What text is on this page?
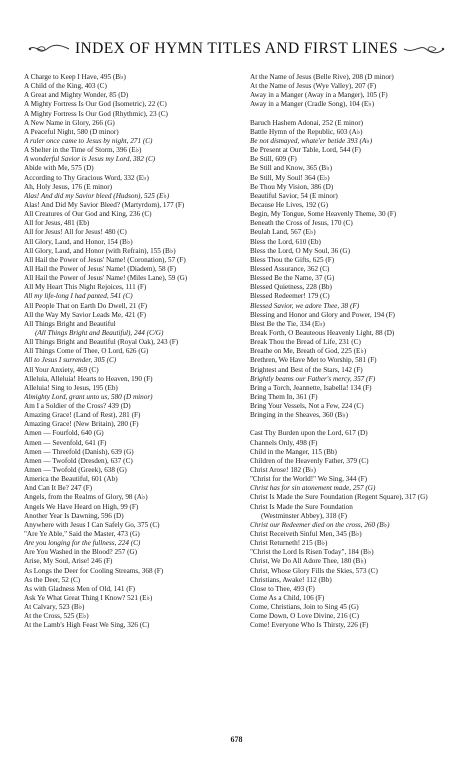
INDEX OF HYMN TITLES AND FIRST LINES
A Charge to Keep I Have, 495 (B♭)
A Child of the King, 403 (C)
A Great and Mighty Wonder, 85 (D)
A Mighty Fortress Is Our God (Isometric), 22 (C)
A Mighty Fortress Is Our God (Rhythmic), 23 (C)
A New Name in Glory, 266 (G)
A Peaceful Night, 580 (D minor)
A ruler once came to Jesus by night, 271 (C)
A Shelter in the Time of Storm, 396 (E♭)
A wonderful Savior is Jesus my Lord, 382 (C)
Abide with Me, 575 (D)
According to Thy Gracious Word, 332 (E♭)
Ah, Holy Jesus, 176 (E minor)
Alas! And did my Savior bleed (Hudson), 525 (E♭)
Alas! And Did My Savior Bleed? (Martyrdom), 177 (F)
All Creatures of Our God and King, 236 (C)
All for Jesus, 481 (Eb)
All for Jesus! All for Jesus! 480 (C)
All Glory, Laud, and Honor, 154 (B♭)
All Glory, Laud, and Honor (with Refrain), 155 (B♭)
All Hail the Power of Jesus' Name! (Coronation), 57 (F)
All Hail the Power of Jesus' Name! (Diadem), 58 (F)
All Hail the Power of Jesus' Name! (Miles Lane), 59 (G)
All My Heart This Night Rejoices, 111 (F)
All my life-long I had panted, 541 (C)
All People That on Earth Do Dwell, 21 (F)
All the Way My Savior Leads Me, 421 (F)
All Things Bright and Beautiful
(All Things Bright and Beautiful), 244 (C/G)
All Things Bright and Beautiful (Royal Oak), 243 (F)
All Things Come of Thee, O Lord, 626 (G)
All to Jesus I surrender, 305 (C)
All Your Anxiety, 469 (C)
Alleluia, Alleluia! Hearts to Heaven, 190 (F)
Alleluia! Sing to Jesus, 195 (Eb)
Almighty Lord, grant unto us, 580 (D minor)
Am I a Soldier of the Cross? 439 (D)
Amazing Grace! (Land of Rest), 281 (F)
Amazing Grace! (New Britain), 280 (F)
Amen — Fourfold, 640 (G)
Amen — Sevenfold, 641 (F)
Amen — Threefold (Danish), 639 (G)
Amen — Twofold (Dresden), 637 (C)
Amen — Twofold (Greek), 638 (G)
America the Beautiful, 601 (Ab)
And Can It Be? 247 (F)
Angels, from the Realms of Glory, 98 (A♭)
Angels We Have Heard on High, 99 (F)
Another Year Is Dawning, 596 (D)
Anywhere with Jesus I Can Safely Go, 375 (C)
"Are Ye Able," Said the Master, 473 (G)
Are you longing for the fullness, 224 (C)
Are You Washed in the Blood? 257 (G)
Arise, My Soul, Arise! 246 (F)
As Longs the Deer for Cooling Streams, 368 (F)
As the Deer, 52 (C)
As with Gladness Men of Old, 141 (F)
Ask Ye What Great Thing I Know? 521 (E♭)
At Calvary, 523 (B♭)
At the Cross, 525 (E♭)
At the Lamb's High Feast We Sing, 326 (C)
At the Name of Jesus (Belle Rive), 208 (D minor)
At the Name of Jesus (Wye Valley), 207 (F)
Away in a Manger (Away in a Manger), 105 (F)
Away in a Manger (Cradle Song), 104 (E♭)
Baruch Hashem Adonai, 252 (E minor)
Battle Hymn of the Republic, 603 (A♭)
Be not dismayed, whate'er betide 393 (A♭)
Be Present at Our Table, Lord, 544 (F)
Be Still, 609 (F)
Be Still and Know, 365 (B♭)
Be Still, My Soul! 364 (E♭)
Be Thou My Vision, 386 (D)
Beautiful Savior, 54 (E minor)
Because He Lives, 192 (G)
Begin, My Tongue, Some Heavenly Theme, 30 (F)
Beneath the Cross of Jesus, 170 (C)
Beulah Land, 567 (E♭)
Bless the Lord, 610 (Eb)
Bless the Lord, O My Soul, 36 (G)
Bless Thou the Gifts, 625 (F)
Blessed Assurance, 362 (C)
Blessed Be the Name, 37 (G)
Blessed Quietness, 228 (Bb)
Blessed Redeemer! 179 (C)
Blessed Savior, we adore Thee, 38 (F)
Blessing and Honor and Glory and Power, 194 (F)
Blest Be the Tie, 334 (E♭)
Break Forth, O Beauteous Heavenly Light, 88 (D)
Break Thou the Bread of Life, 231 (C)
Breathe on Me, Breath of God, 225 (E♭)
Brethren, We Have Met to Worship, 581 (F)
Brightest and Best of the Stars, 142 (F)
Brightly beams our Father's mercy, 357 (F)
Bring a Torch, Jeannette, Isabella! 134 (F)
Bring Them In, 361 (F)
Bring Your Vessels, Not a Few, 224 (C)
Bringing in the Sheaves, 360 (B♭)
Cast Thy Burden upon the Lord, 617 (D)
Channels Only, 498 (F)
Child in the Manger, 115 (Bb)
Children of the Heavenly Father, 379 (C)
Christ Arose! 182 (B♭)
"Christ for the World!" We Sing, 344 (F)
Christ has for sin atonement made, 257 (G)
Christ Is Made the Sure Foundation (Regent Square), 317 (G)
Christ Is Made the Sure Foundation
(Westminster Abbey), 318 (F)
Christ our Redeemer died on the cross, 260 (B♭)
Christ Receiveth Sinful Men, 345 (B♭)
Christ Returneth! 215 (B♭)
"Christ the Lord Is Risen Today", 184 (B♭)
Christ, We Do All Adore Thee, 180 (B♭)
Christ, Whose Glory Fills the Skies, 573 (C)
Christians, Awake! 112 (Bb)
Close to Thee, 493 (F)
Come As a Child, 106 (F)
Come, Christians, Join to Sing 45 (G)
Come Down, O Love Divine, 216 (C)
Come! Everyone Who Is Thirsty, 226 (F)
678
